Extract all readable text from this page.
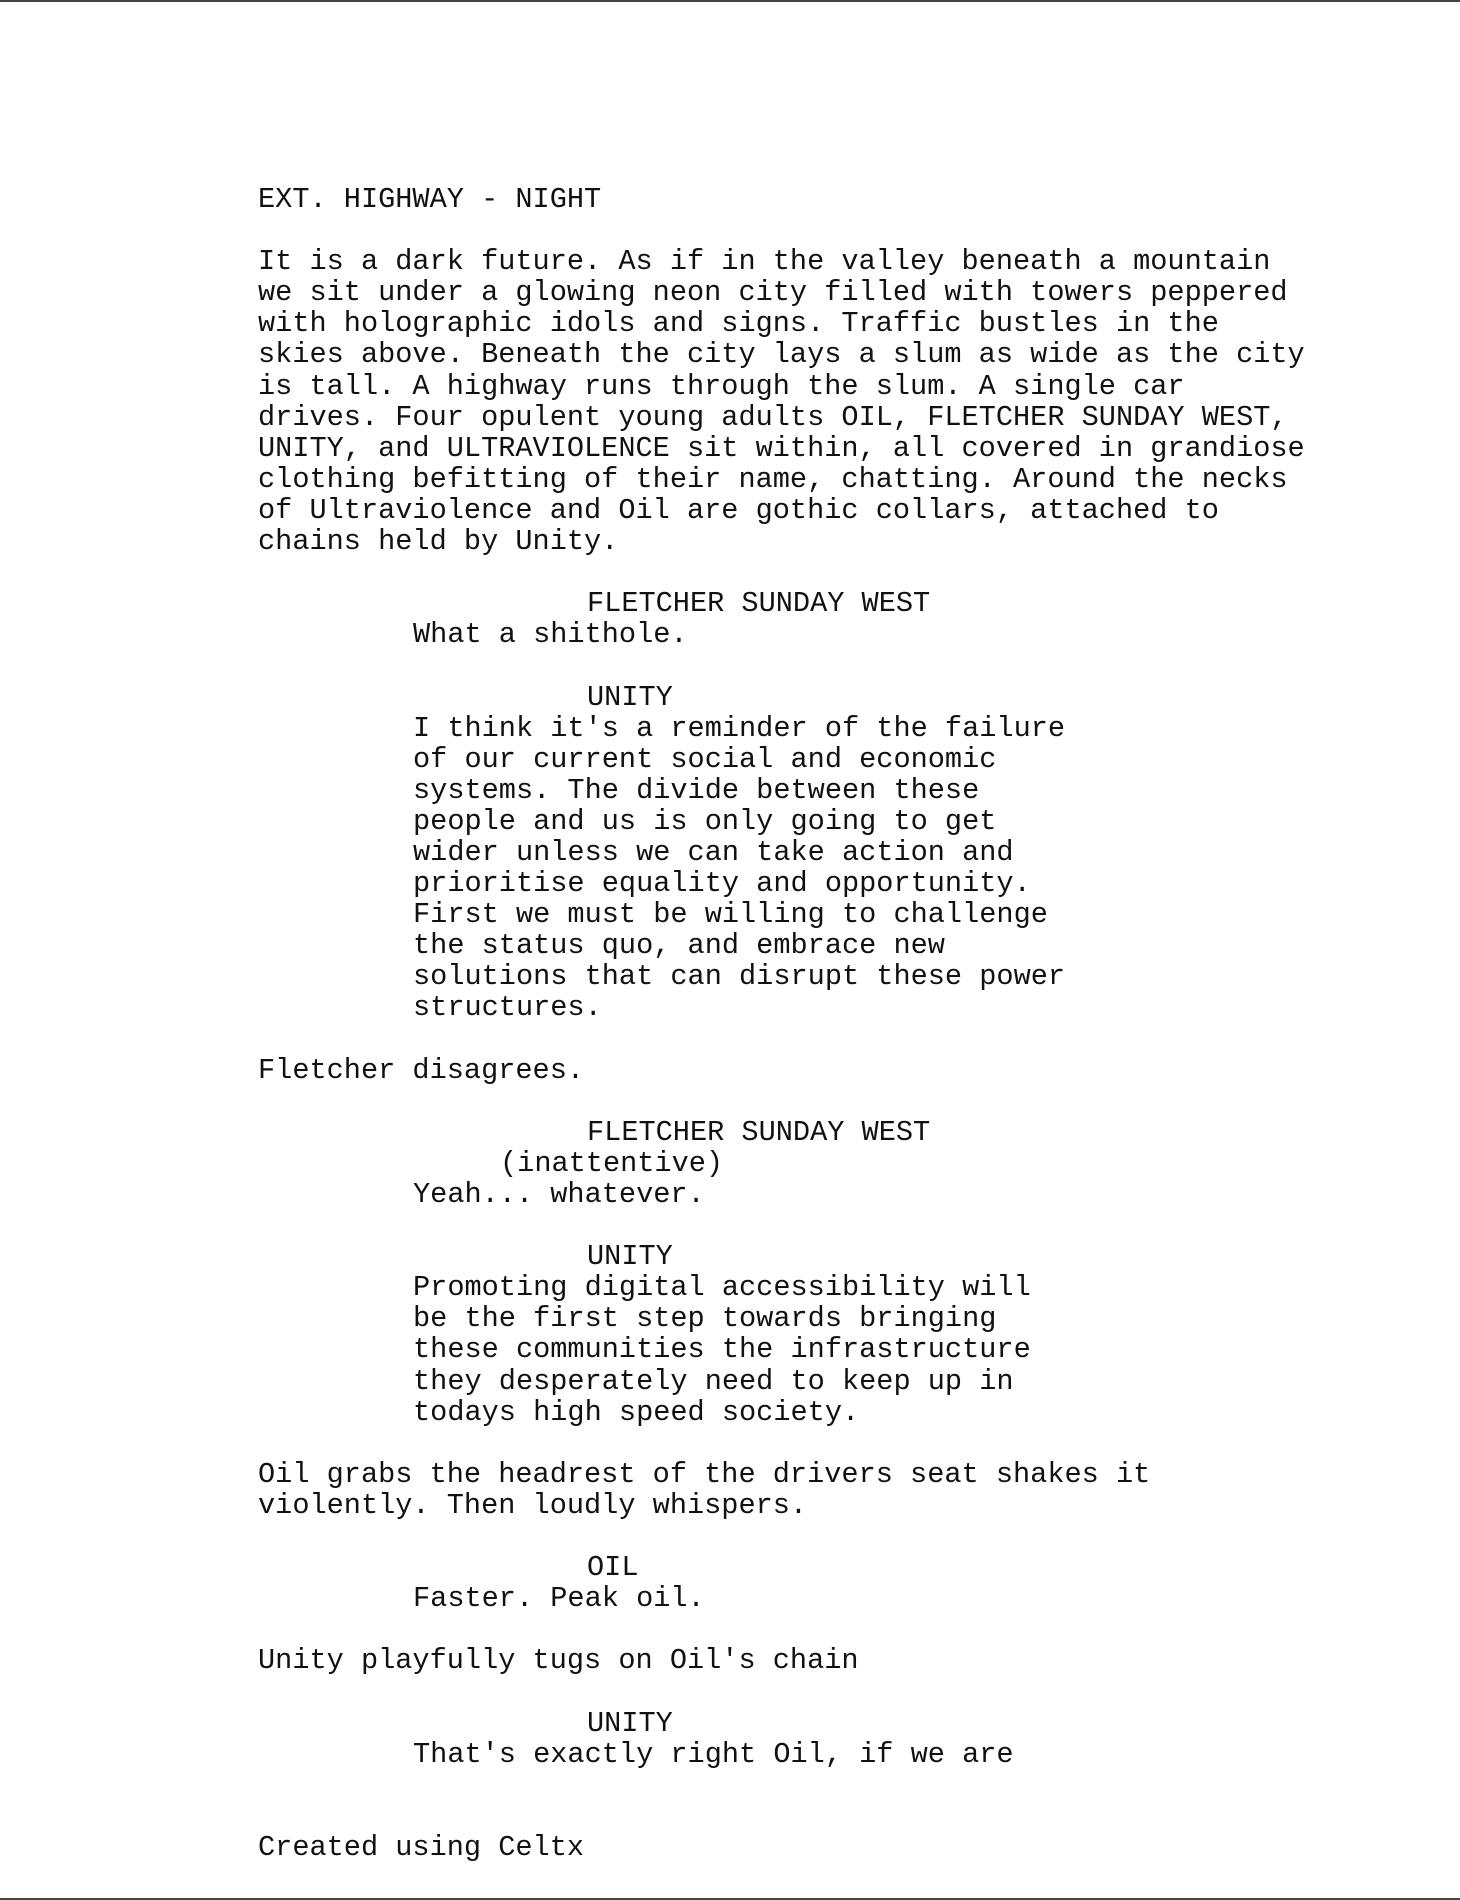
EXT. HIGHWAY - NIGHT
It is a dark future. As if in the valley beneath a mountain
we sit under a glowing neon city filled with towers peppered
with holographic idols and signs. Traffic bustles in the
skies above. Beneath the city lays a slum as wide as the city
is tall. A highway runs through the slum. A single car
drives. Four opulent young adults OIL, FLETCHER SUNDAY WEST,
UNITY, and ULTRAVIOLENCE sit within, all covered in grandiose
clothing befitting of their name, chatting. Around the necks
of Ultraviolence and Oil are gothic collars, attached to
chains held by Unity.
FLETCHER SUNDAY WEST
What a shithole.
UNITY
I think it's a reminder of the failure
of our current social and economic
systems. The divide between these
people and us is only going to get
wider unless we can take action and
prioritise equality and opportunity.
First we must be willing to challenge
the status quo, and embrace new
solutions that can disrupt these power
structures.
Fletcher disagrees.
FLETCHER SUNDAY WEST
(inattentive)
Yeah... whatever.
UNITY
Promoting digital accessibility will
be the first step towards bringing
these communities the infrastructure
they desperately need to keep up in
todays high speed society.
Oil grabs the headrest of the drivers seat shakes it
violently. Then loudly whispers.
OIL
Faster. Peak oil.
Unity playfully tugs on Oil's chain
UNITY
That's exactly right Oil, if we are
Created using Celtx
